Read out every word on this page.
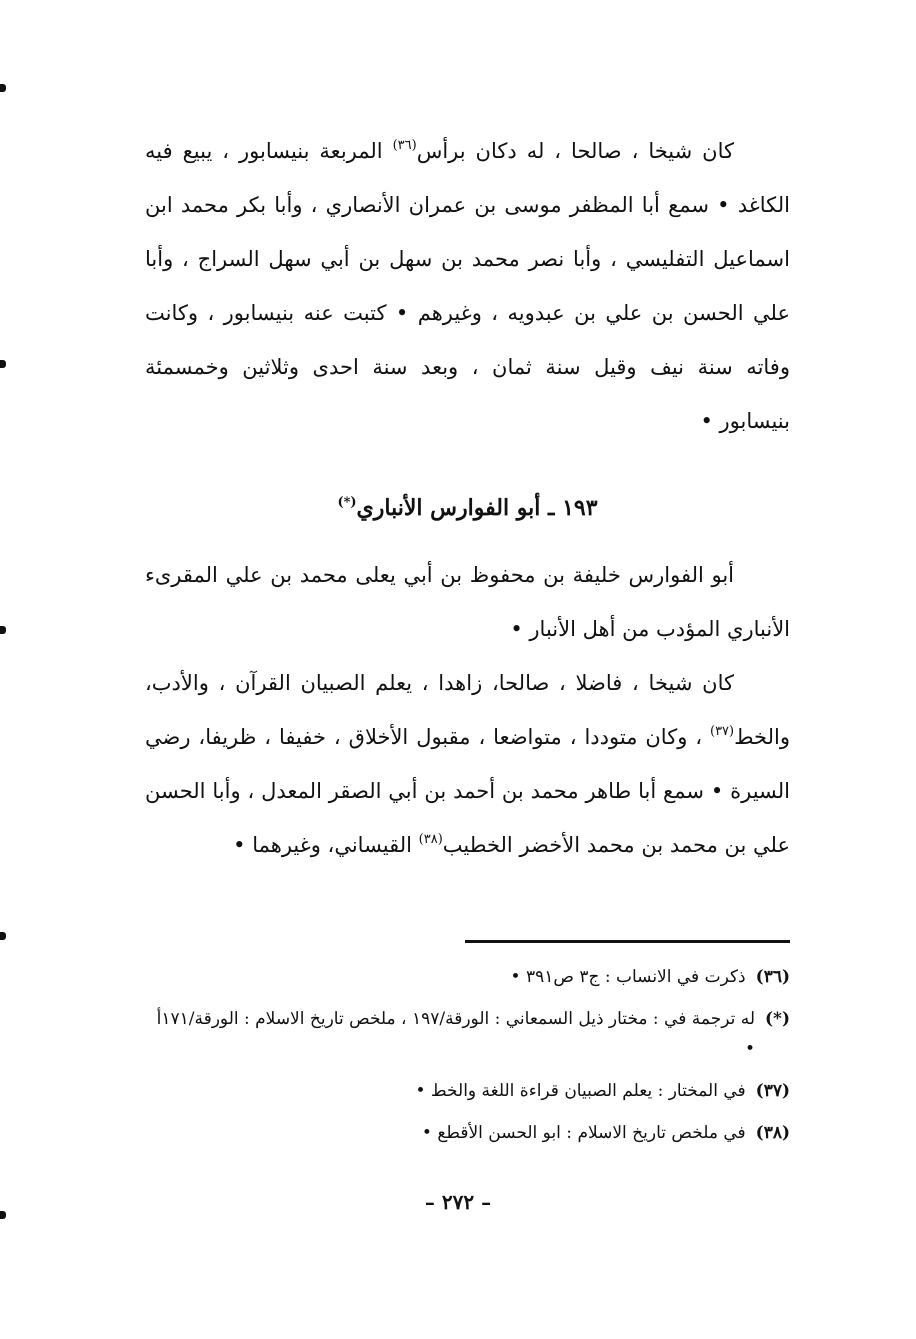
كان شيخا ، صالحا ، له دكان برأس$^{(٣٦)}$ المربعة بنيسابور ، يبيع فيه الكاغد • سمع أبا المظفر موسى بن عمران الأنصاري ، وأبا بكر محمد ابن اسماعيل التفليسي ، وأبا نصر محمد بن سهل بن أبي سهل السراج ، وأبا علي الحسن بن علي بن عبدويه ، وغيرهم • كتبت عنه بنيسابور ، وكانت وفاته سنة نيف وقيل سنة ثمان ، وبعد سنة احدى وثلاثين وخمسمئة بنيسابور •

١٩٣ ـ أبو الفوارس الأنباري(*)

أبو الفوارس خليفة بن محفوظ بن أبي يعلى محمد بن علي المقرىء الأنباري المؤدب من أهل الأنبار •

كان شيخا ، فاضلا ، صالحا، زاهدا ، يعلم الصبيان القرآن ، والأدب، والخط$^{(٣٧)}$ ، وكان متوددا ، متواضعا ، مقبول الأخلاق ، خفيفا ، ظريفا، رضي السيرة • سمع أبا طاهر محمد بن أحمد بن أبي الصقر المعدل ، وأبا الحسن علي بن محمد بن محمد الأخضر الخطيب$^{(٣٨)}$ القيساني، وغيرهما •

(٣٦)
ذكرت في الانساب : ج٣ ص٣٩١ •
(*)
له ترجمة في : مختار ذيل السمعاني : الورقة/١٩٧ ، ملخص تاريخ الاسلام : الورقة/١٧١أ •
(٣٧)
في المختار : يعلم الصبيان قراءة اللغة والخط •
(٣٨)
في ملخص تاريخ الاسلام : ابو الحسن الأقطع •
– ٢٧٢ –
